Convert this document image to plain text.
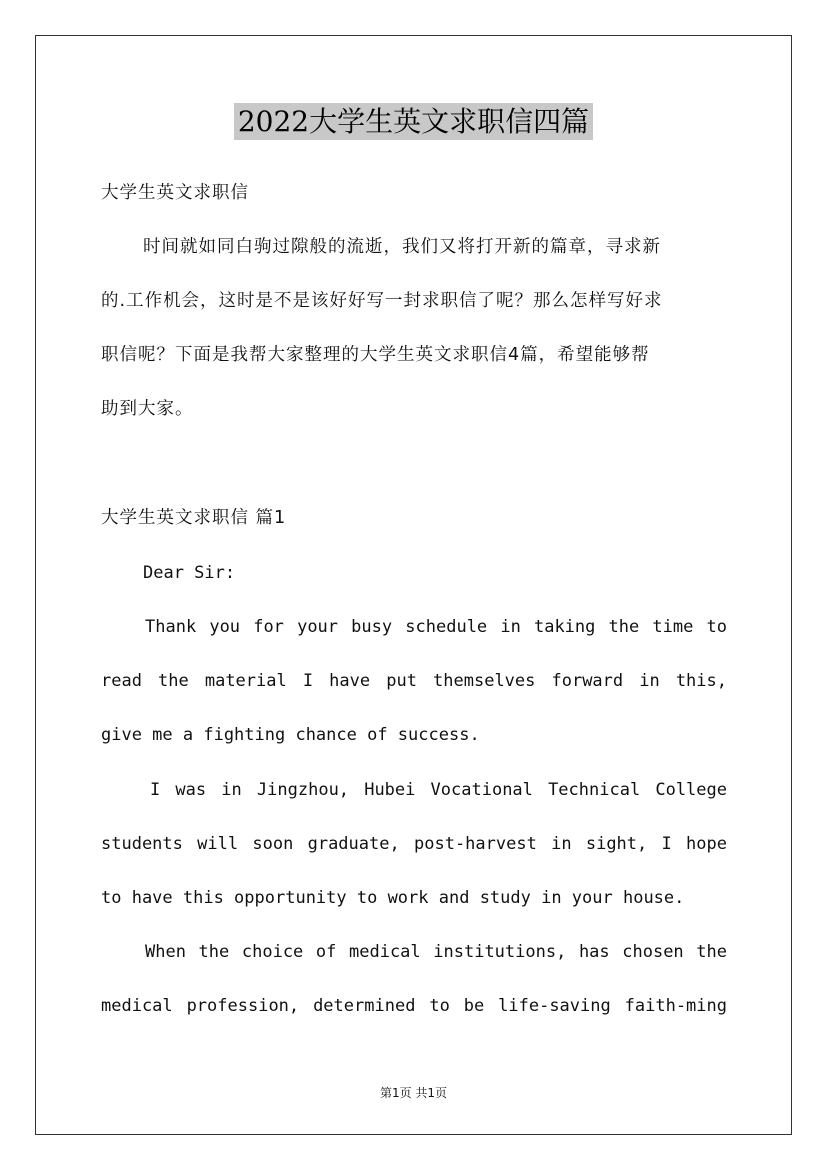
2022大学生英文求职信四篇
大学生英文求职信
时间就如同白驹过隙般的流逝，我们又将打开新的篇章，寻求新
的.工作机会，这时是不是该好好写一封求职信了呢？那么怎样写好求
职信呢？下面是我帮大家整理的大学生英文求职信4篇，希望能够帮
助到大家。
大学生英文求职信 篇1
Dear Sir:
Thank you for your busy schedule in taking the time to
read the material I have put themselves forward in this,
give me a fighting chance of success.
I was in Jingzhou, Hubei Vocational Technical College
students will soon graduate, post-harvest in sight, I hope
to have this opportunity to work and study in your house.
When the choice of medical institutions, has chosen the
medical profession, determined to be life-saving faith-ming
第1页 共1页
